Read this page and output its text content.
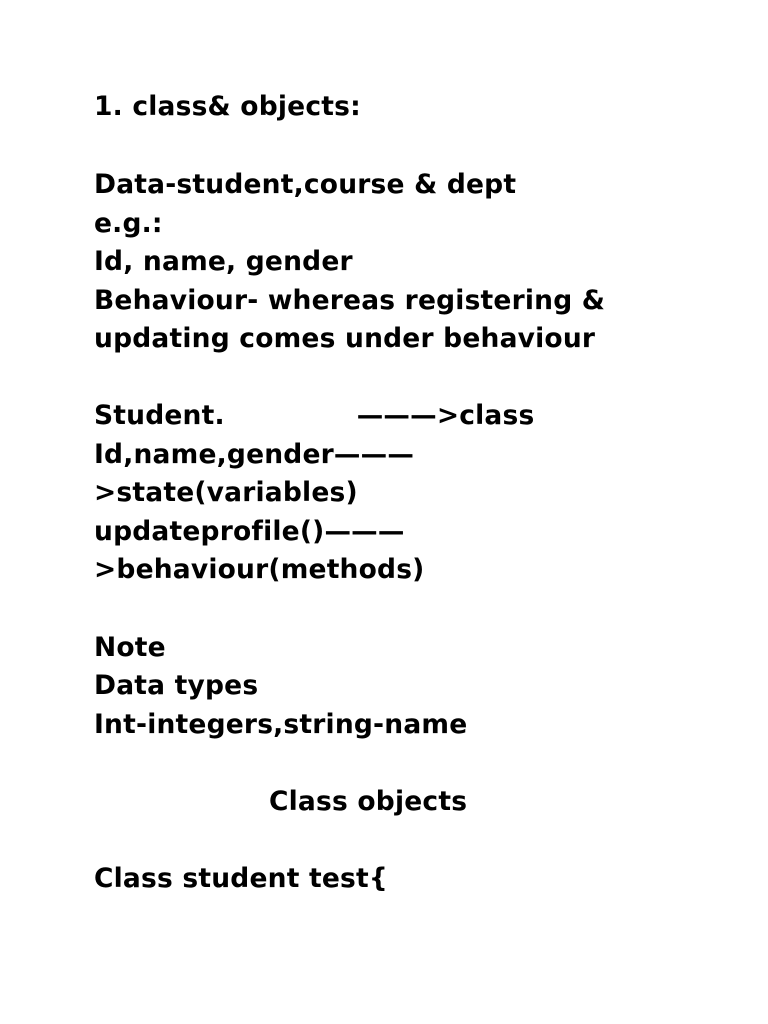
1. class& objects:

Data-student,course & dept

e.g.:

Id, name, gender

Behaviour- whereas registering &

updating comes under behaviour

Student.              ———>class

Id,name,gender———

>state(variables)

updateprofile()———

>behaviour(methods)

Note

Data types

Int-integers,string-name

Class objects

Class student test{
